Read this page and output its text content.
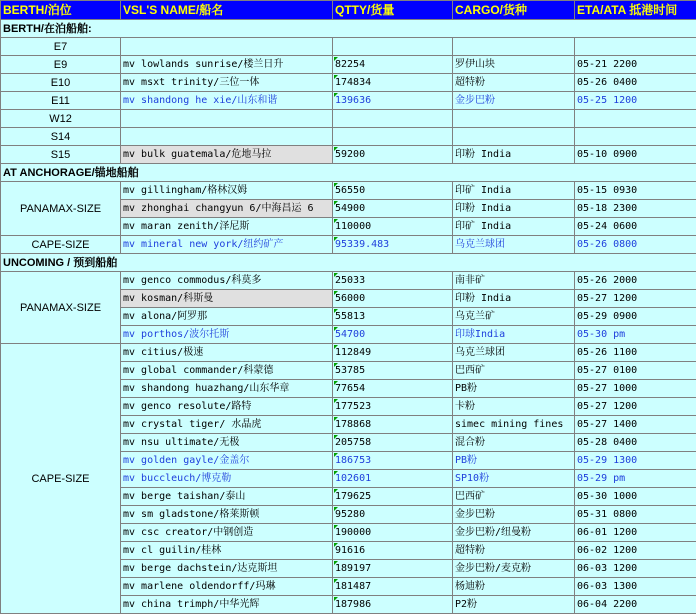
BERTH/泊位	VSL'S NAME/船名	QTTY/货量	CARGO/货种	ETA/ATA 抵港时间
BERTH/在泊船舶:				
E7				
E9	mv lowlands sunrise/楼兰日升	82254	罗伊山块	05-21 2200
E10	mv msxt trinity/三位一体	174834	超特粉	05-26 0400
E11	mv shandong he xie/山东和谐	139636	金步巴粉	05-25 1200
W12				
S14				
S15	mv bulk guatemala/危地马拉	59200	印粉 India	05-10 0900
AT ANCHORAGE/锚地船舶				
PANAMAX-SIZE	mv gillingham/格林汉姆	56550	印矿 India	05-15 0930
	mv zhonghai changyun 6/中海昌运 6	54900	印粉 India	05-18 2300
	mv maran zenith/泽尼斯	110000	印矿 India	05-24 0600
CAPE-SIZE	mv mineral new york/纽约矿产	95339.483	乌克兰球团	05-26 0800
UNCOMING / 预到船舶				
PANAMAX-SIZE	mv genco commodus/科莫多	25033	南非矿	05-26 2000
	mv kosman/科斯曼	56000	印粉 India	05-27 1200
	mv alona/阿罗那	55813	乌克兰矿	05-29 0900
	mv porthos/波尔托斯	54700	印球India	05-30 pm
CAPE-SIZE	mv citius/极速	112849	乌克兰球团	05-26 1100
	mv global commander/科蒙德	53785	巴西矿	05-27 0100
	mv shandong huazhang/山东华章	77654	PB粉	05-27 1000
	mv genco resolute/路特	177523	卡粉	05-27 1200
	mv crystal tiger/ 水晶虎	178868	simec mining fines	05-27 1400
	mv nsu ultimate/无极	205758	混合粉	05-28 0400
	mv golden gayle/金盖尔	186753	PB粉	05-29 1300
	mv buccleuch/博克勒	102601	SP10粉	05-29 pm
	mv berge taishan/泰山	179625	巴西矿	05-30 1000
	mv sm gladstone/格莱斯顿	95280	金步巴粉	05-31 0800
	mv csc creator/中钢创造	190000	金步巴粉/纽曼粉	06-01 1200
	mv cl guilin/桂林	91616	超特粉	06-02 1200
	mv berge dachstein/达克斯坦	189197	金步巴粉/麦克粉	06-03 1200
	mv marlene oldendorff/玛琳	181487	杨迪粉	06-03 1300
	mv china trimph/中华光辉	187986	P2粉	06-04 2200
